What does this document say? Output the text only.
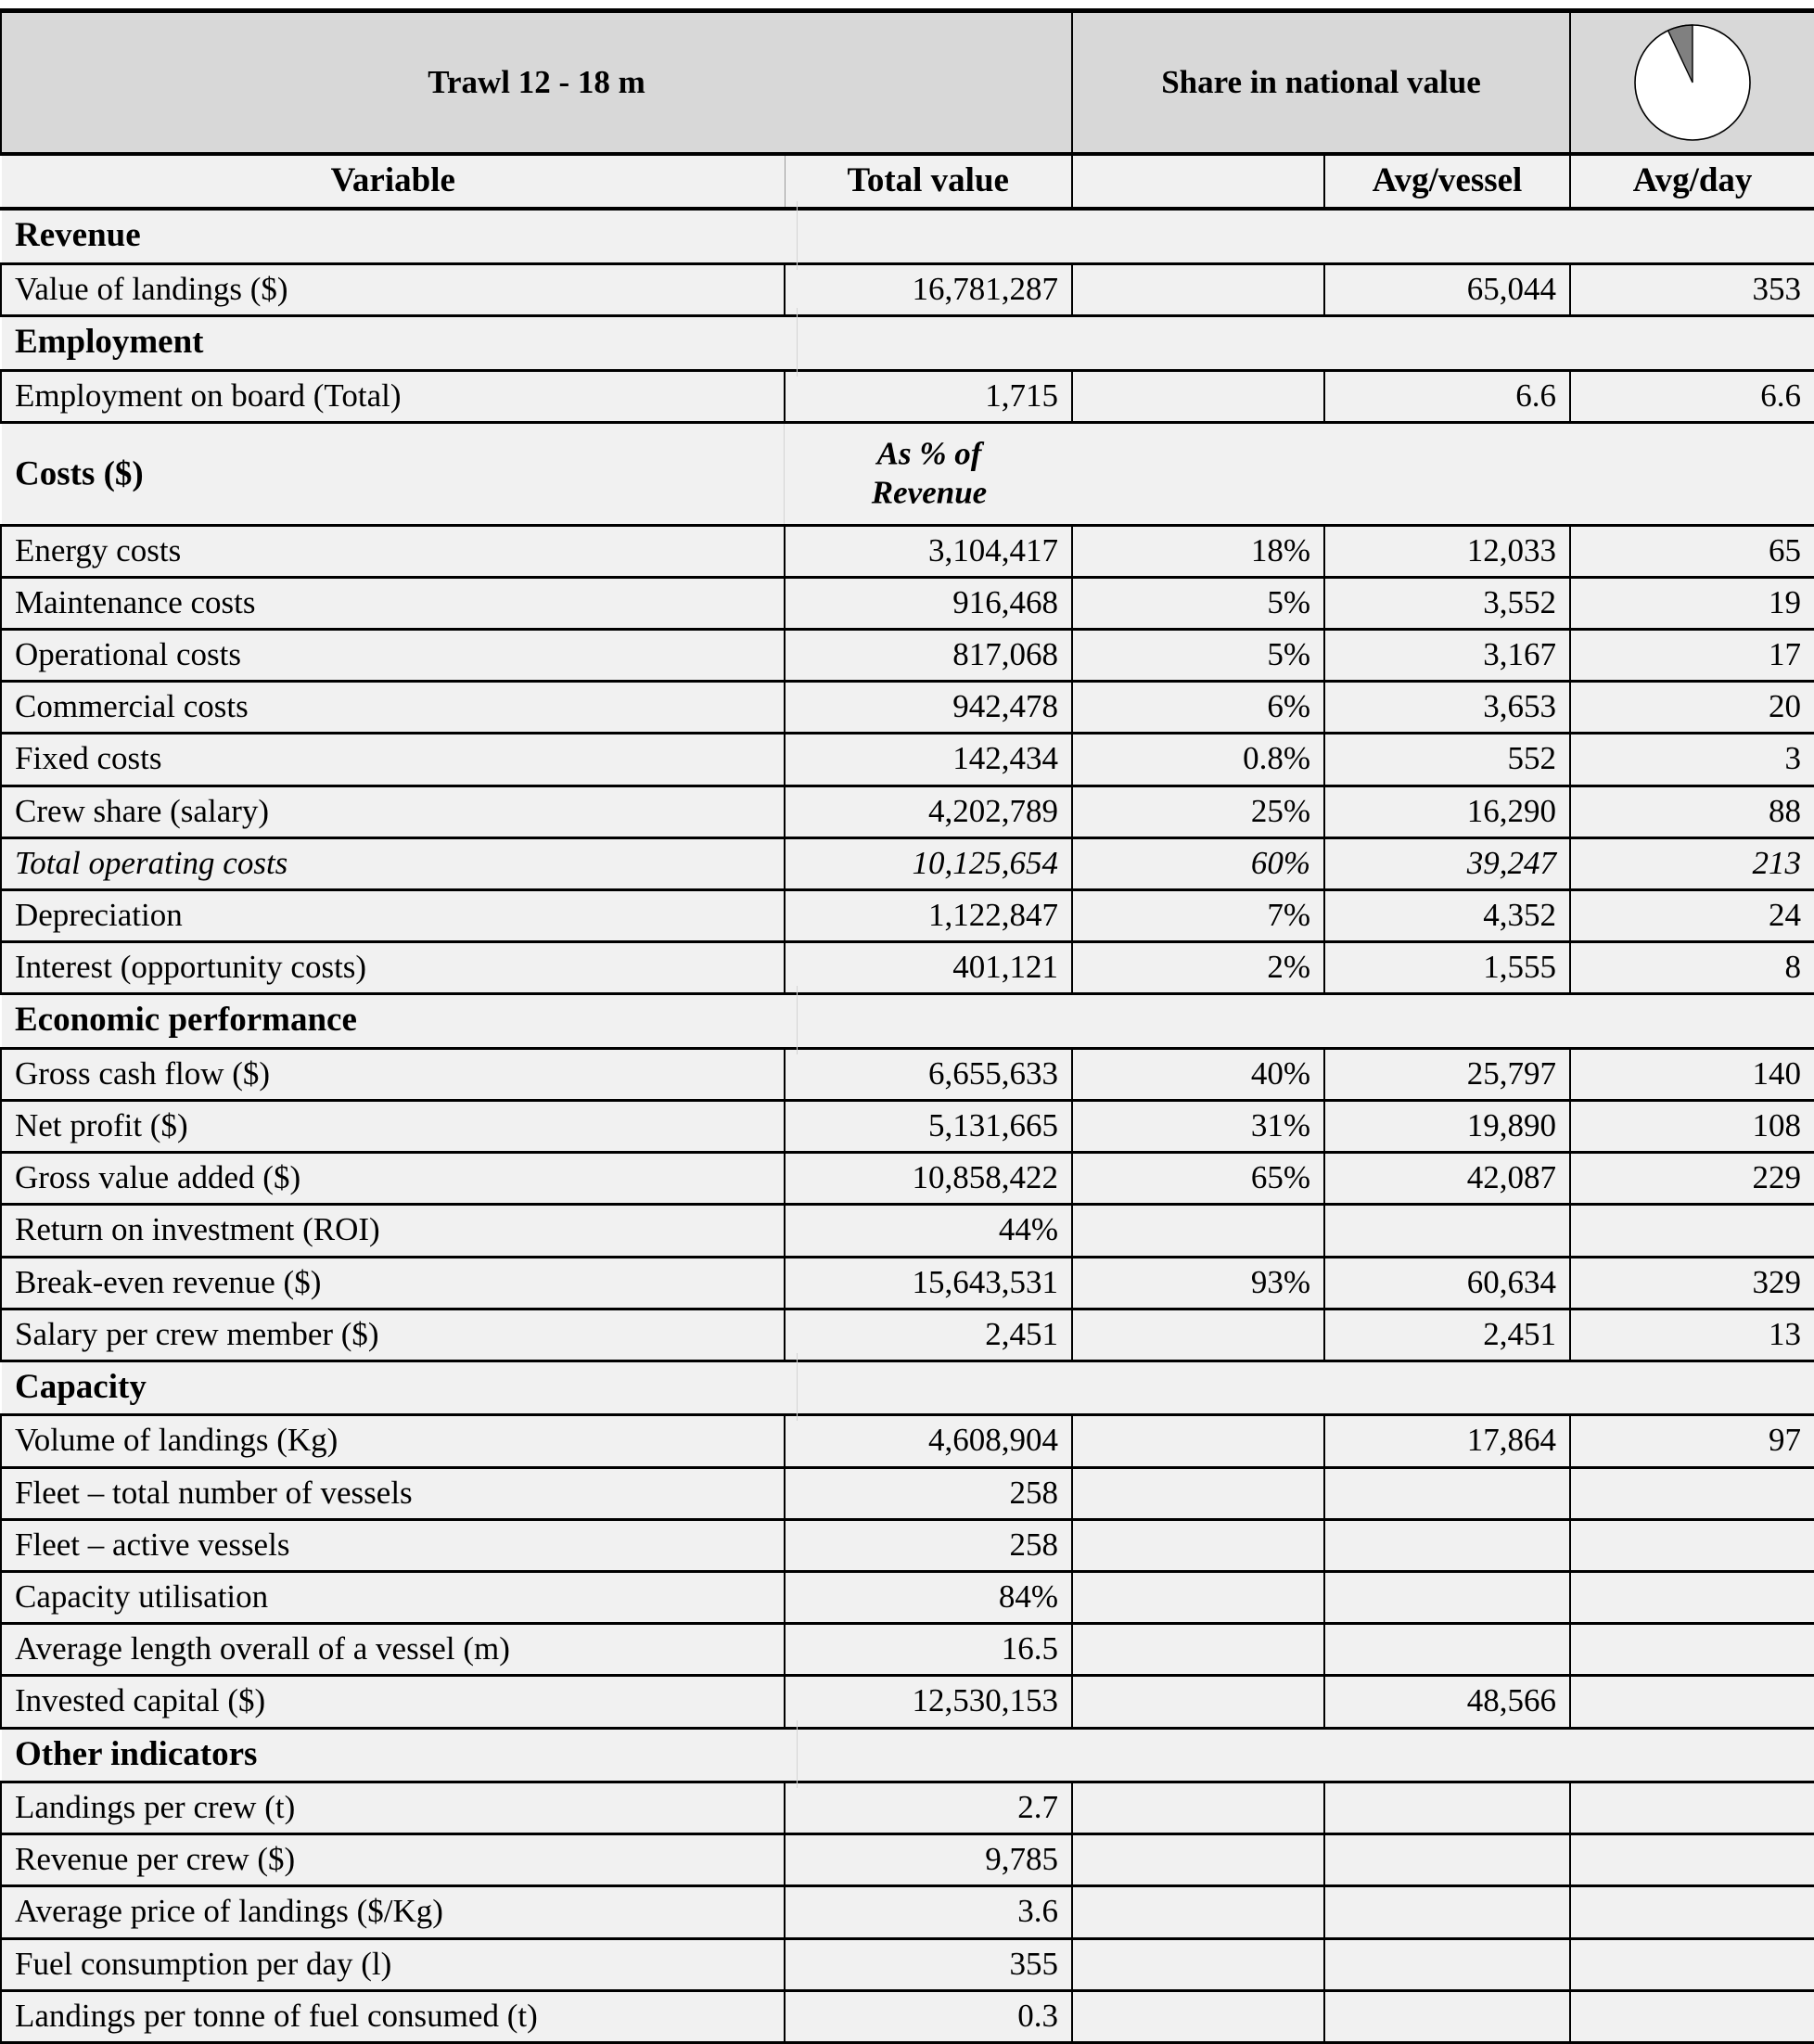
Trawl 12 - 18 m		Share in national value	

Variable	Total value		Avg/vessel	Avg/day

Revenue				

Value of landings ($)	16,781,287		65,044	353

Employment				

Employment on board (Total)	1,715		6.6	6.6

Costs ($)
As % of
Revenue				

Energy costs	3,104,417	18%	12,033	65
Maintenance costs	916,468	5%	3,552	19
Operational costs	817,068	5%	3,167	17
Commercial costs	942,478	6%	3,653	20
Fixed costs	142,434	0.8%	552	3
Crew share (salary)	4,202,789	25%	16,290	88
Total operating costs	10,125,654	60%	39,247	213
Depreciation	1,122,847	7%	4,352	24
Interest (opportunity costs)	401,121	2%	1,555	8

Economic performance				

Gross cash flow ($)	6,655,633	40%	25,797	140
Net profit ($)	5,131,665	31%	19,890	108
Gross value added ($)	10,858,422	65%	42,087	229
Return on investment (ROI)	44%			
Break-even revenue ($)	15,643,531	93%	60,634	329
Salary per crew member ($)	2,451		2,451	13

Capacity				

Volume of landings (Kg)	4,608,904		17,864	97
Fleet – total number of vessels	258			
Fleet – active vessels	258			
Capacity utilisation	84%			
Average length overall of a vessel (m)	16.5			
Invested capital ($)	12,530,153		48,566	

Other indicators				

Landings per crew (t)	2.7			
Revenue per crew ($)	9,785			
Average price of landings ($/Kg)	3.6			
Fuel consumption per day (l)	355			
Landings per tonne of fuel consumed (t)	0.3			
